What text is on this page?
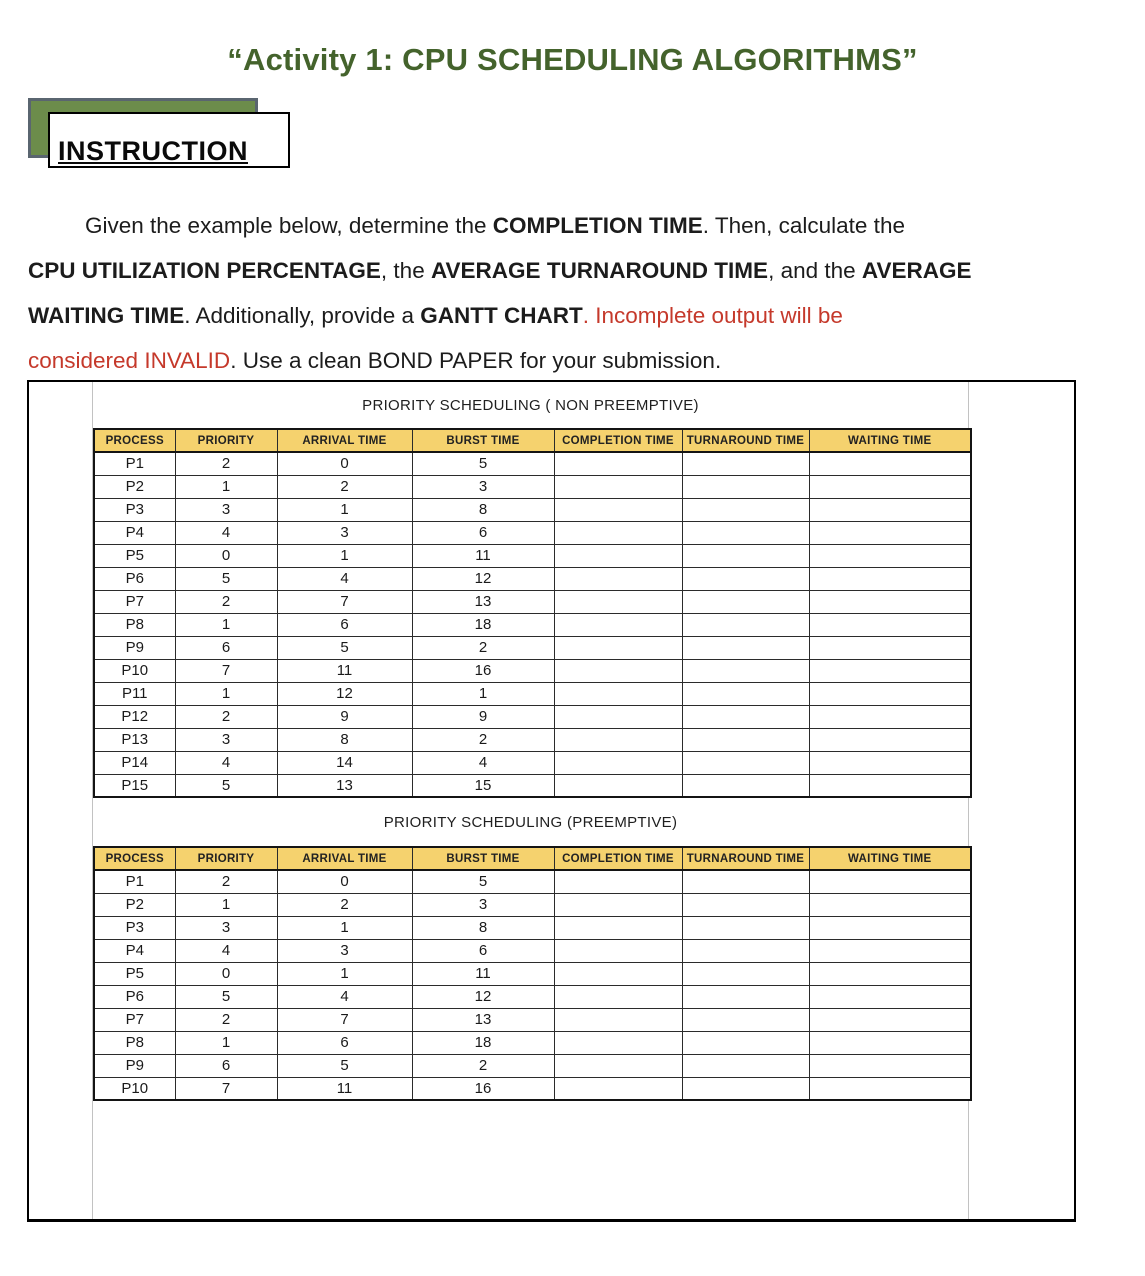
“Activity 1: CPU SCHEDULING ALGORITHMS”
INSTRUCTION
Given the example below, determine the COMPLETION TIME. Then, calculate the
CPU UTILIZATION PERCENTAGE, the AVERAGE TURNAROUND TIME, and the AVERAGE
WAITING TIME. Additionally, provide a GANTT CHART. Incomplete output will be
considered INVALID. Use a clean BOND PAPER for your submission.
PRIORITY SCHEDULING ( NON PREEMPTIVE)
PROCESS	PRIORITY	ARRIVAL TIME	BURST TIME	COMPLETION TIME	TURNAROUND TIME	WAITING TIME
P1	2	0	5			
P2	1	2	3			
P3	3	1	8			
P4	4	3	6			
P5	0	1	11			
P6	5	4	12			
P7	2	7	13			
P8	1	6	18			
P9	6	5	2			
P10	7	11	16			
P11	1	12	1			
P12	2	9	9			
P13	3	8	2			
P14	4	14	4			
P15	5	13	15			
PRIORITY SCHEDULING (PREEMPTIVE)
PROCESS	PRIORITY	ARRIVAL TIME	BURST TIME	COMPLETION TIME	TURNAROUND TIME	WAITING TIME
P1	2	0	5			
P2	1	2	3			
P3	3	1	8			
P4	4	3	6			
P5	0	1	11			
P6	5	4	12			
P7	2	7	13			
P8	1	6	18			
P9	6	5	2			
P10	7	11	16			
